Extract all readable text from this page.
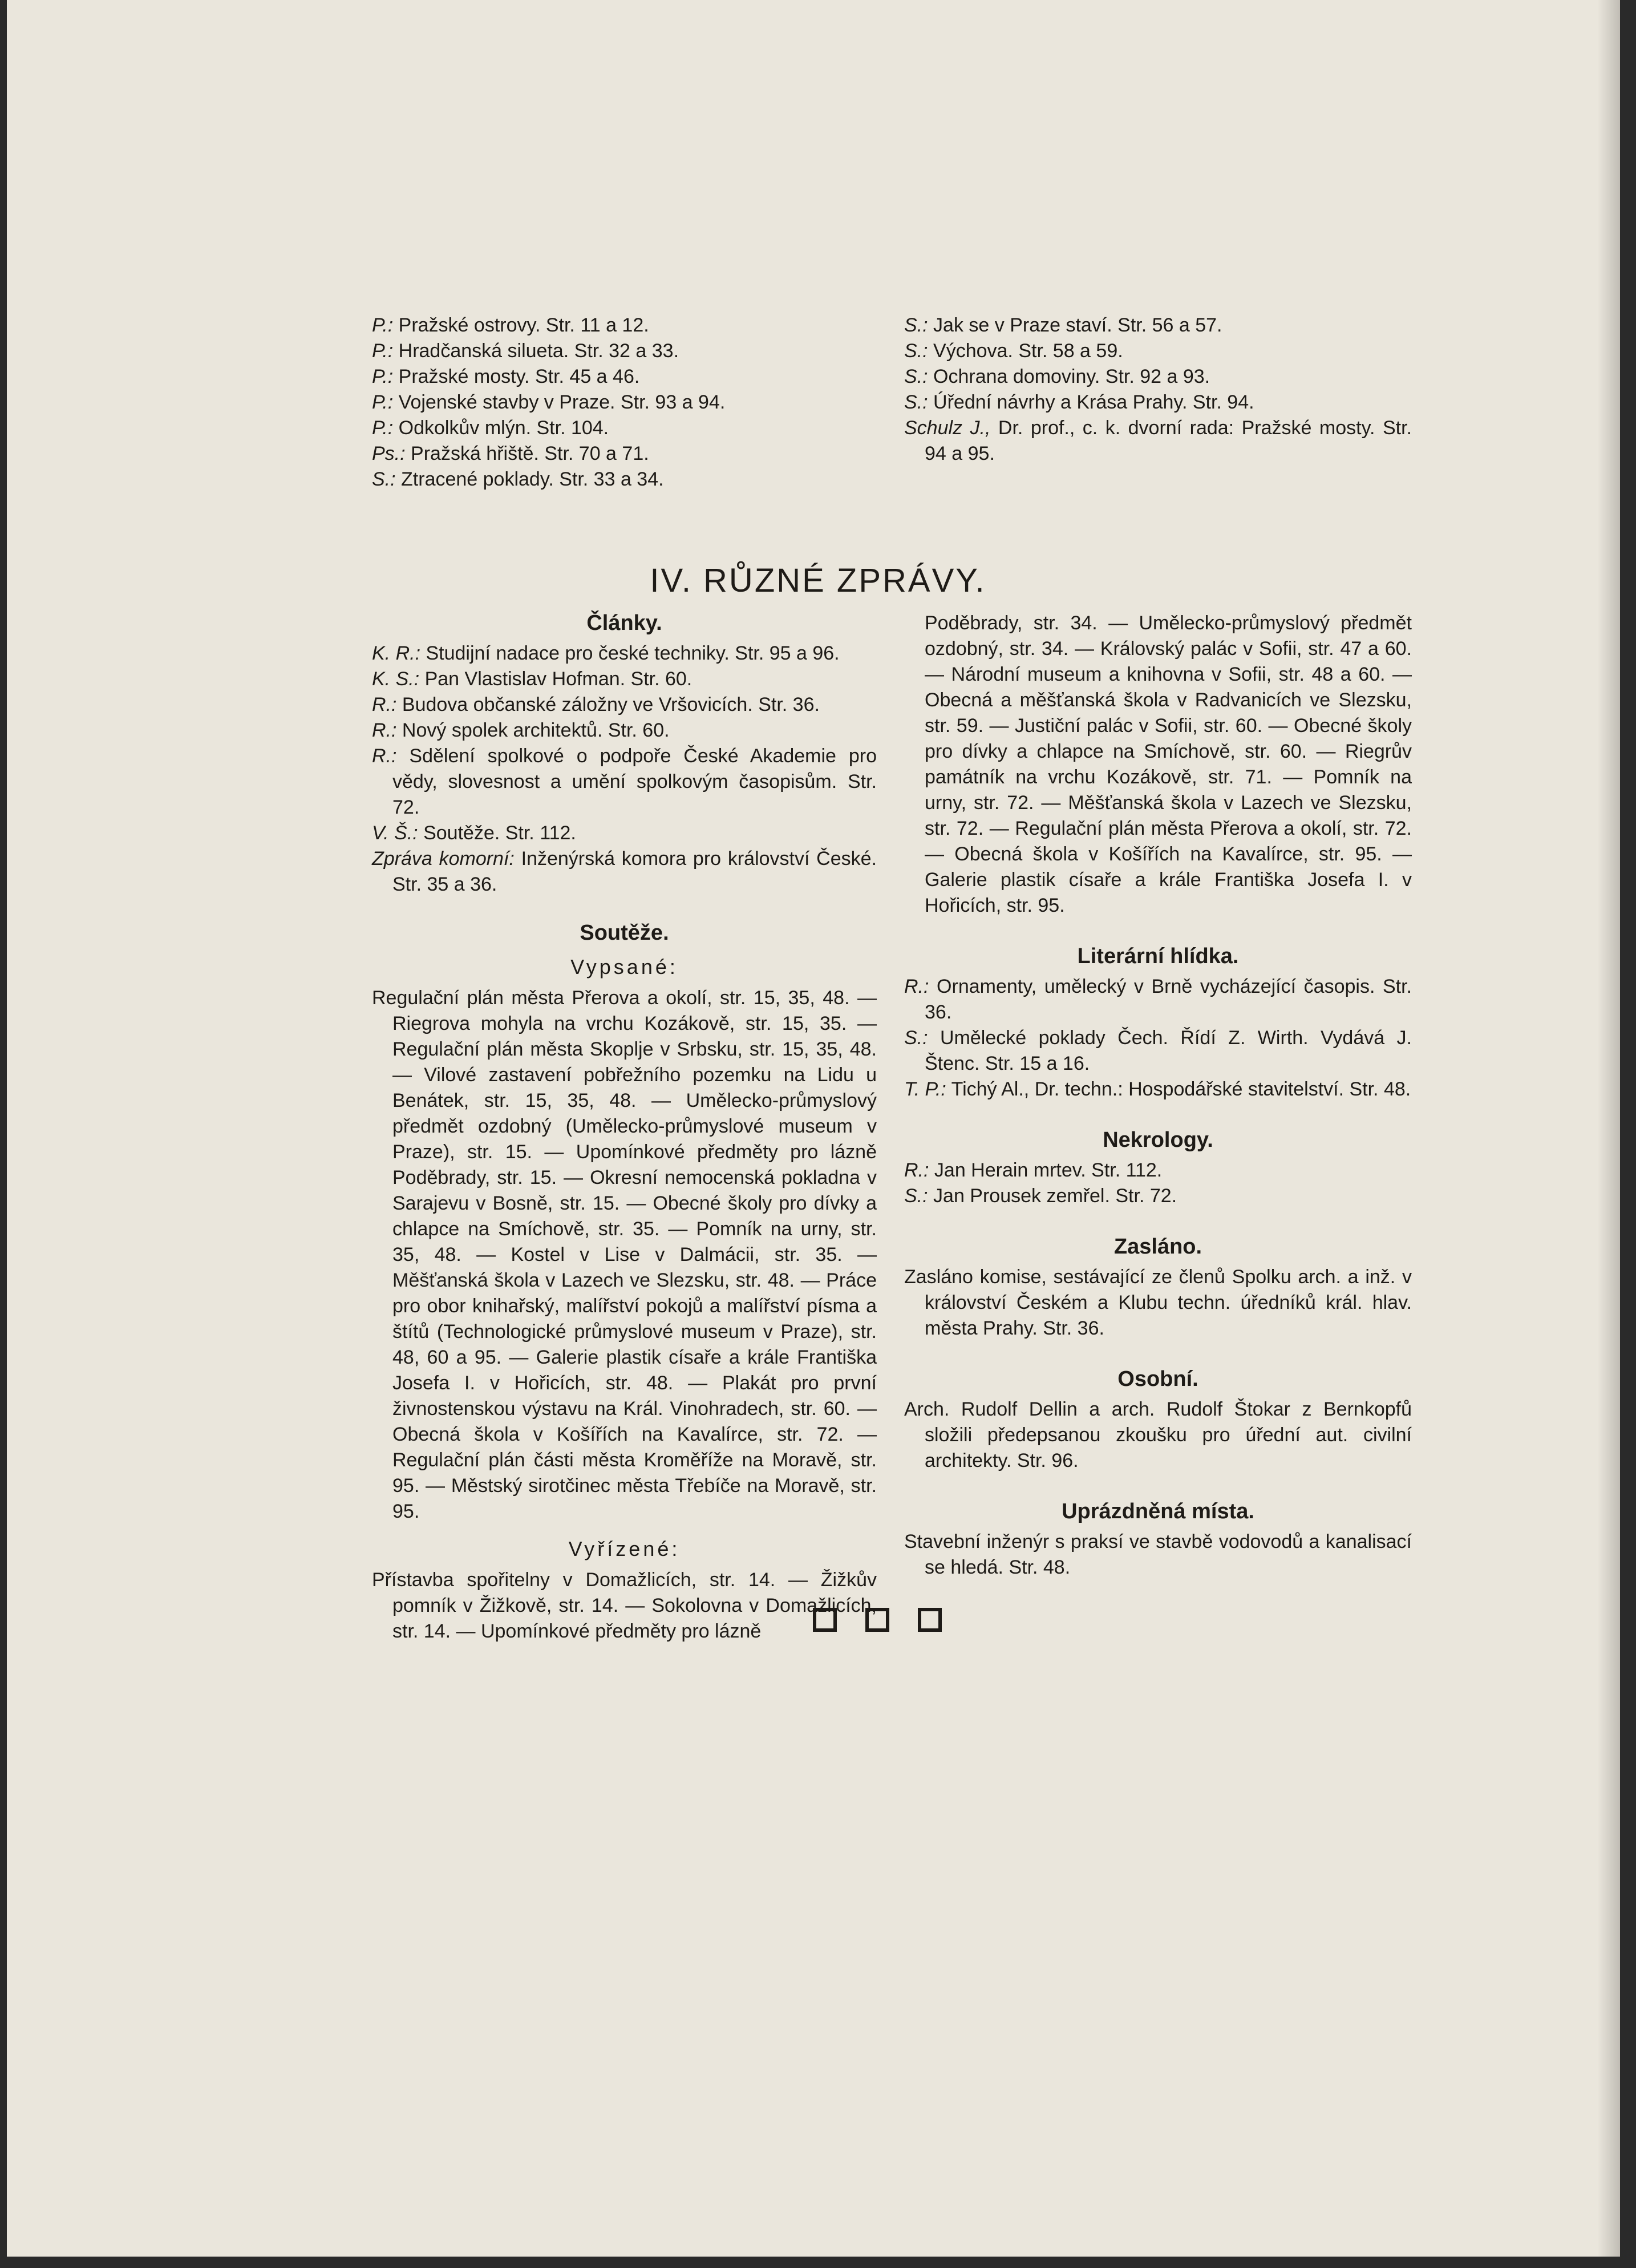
P.: Pražské ostrovy. Str. 11 a 12.

P.: Hradčanská silueta. Str. 32 a 33.

P.: Pražské mosty. Str. 45 a 46.

P.: Vojenské stavby v Praze. Str. 93 a 94.

P.: Odkolkův mlýn. Str. 104.

Ps.: Pražská hřiště. Str. 70 a 71.

S.: Ztracené poklady. Str. 33 a 34.

S.: Jak se v Praze staví. Str. 56 a 57.

S.: Výchova. Str. 58 a 59.

S.: Ochrana domoviny. Str. 92 a 93.

S.: Úřední návrhy a Krása Prahy. Str. 94.

Schulz J., Dr. prof., c. k. dvorní rada: Pražské mosty. Str. 94 a 95.

IV. RŮZNÉ ZPRÁVY.
Články.

K. R.: Studijní nadace pro české techniky. Str. 95 a 96.

K. S.: Pan Vlastislav Hofman. Str. 60.

R.: Budova občanské záložny ve Vršovicích. Str. 36.

R.: Nový spolek architektů. Str. 60.

R.: Sdělení spolkové o podpoře České Akademie pro vědy, slovesnost a umění spolkovým časopisům. Str. 72.

V. Š.: Soutěže. Str. 112.

Zpráva komorní: Inženýrská komora pro království České. Str. 35 a 36.

Soutěže.

Vypsané:

Regulační plán města Přerova a okolí, str. 15, 35, 48. — Riegrova mohyla na vrchu Kozákově, str. 15, 35. — Regulační plán města Skoplje v Srbsku, str. 15, 35, 48. — Vilové zastavení pobřežního pozemku na Lidu u Benátek, str. 15, 35, 48. — Umělecko-průmyslový předmět ozdobný (Umělecko-průmyslové museum v Praze), str. 15. — Upomínkové předměty pro lázně Poděbrady, str. 15. — Okresní nemocenská pokladna v Sarajevu v Bosně, str. 15. — Obecné školy pro dívky a chlapce na Smíchově, str. 35. — Pomník na urny, str. 35, 48. — Kostel v Lise v Dalmácii, str. 35. — Měšťanská škola v Lazech ve Slezsku, str. 48. — Práce pro obor knihařský, malířství pokojů a malířství písma a štítů (Technologické průmyslové museum v Praze), str. 48, 60 a 95. — Galerie plastik císaře a krále Františka Josefa I. v Hořicích, str. 48. — Plakát pro první živnostenskou výstavu na Král. Vinohradech, str. 60. — Obecná škola v Košířích na Kavalírce, str. 72. — Regulační plán části města Kroměříže na Moravě, str. 95. — Městský sirotčinec města Třebíče na Moravě, str. 95.

Vyřízené:

Přístavba spořitelny v Domažlicích, str. 14. — Žižkův pomník v Žižkově, str. 14. — Sokolovna v Domažlicích, str. 14. — Upomínkové předměty pro lázně

Poděbrady, str. 34. — Umělecko-průmyslový předmět ozdobný, str. 34. — Královský palác v Sofii, str. 47 a 60. — Národní museum a knihovna v Sofii, str. 48 a 60. — Obecná a měšťanská škola v Radvanicích ve Slezsku, str. 59. — Justiční palác v Sofii, str. 60. — Obecné školy pro dívky a chlapce na Smíchově, str. 60. — Riegrův památník na vrchu Kozákově, str. 71. — Pomník na urny, str. 72. — Měšťanská škola v Lazech ve Slezsku, str. 72. — Regulační plán města Přerova a okolí, str. 72. — Obecná škola v Košířích na Kavalírce, str. 95. — Galerie plastik císaře a krále Františka Josefa I. v Hořicích, str. 95.

Literární hlídka.

R.: Ornamenty, umělecký v Brně vycházející časopis. Str. 36.

S.: Umělecké poklady Čech. Řídí Z. Wirth. Vydává J. Štenc. Str. 15 a 16.

T. P.: Tichý Al., Dr. techn.: Hospodářské stavitelství. Str. 48.

Nekrology.

R.: Jan Herain mrtev. Str. 112.

S.: Jan Prousek zemřel. Str. 72.

Zasláno.

Zasláno komise, sestávající ze členů Spolku arch. a inž. v království Českém a Klubu techn. úředníků král. hlav. města Prahy. Str. 36.

Osobní.

Arch. Rudolf Dellin a arch. Rudolf Štokar z Bernkopfů složili předepsanou zkoušku pro úřední aut. civilní architekty. Str. 96.

Uprázdněná místa.

Stavební inženýr s praksí ve stavbě vodovodů a kanalisací se hledá. Str. 48.
